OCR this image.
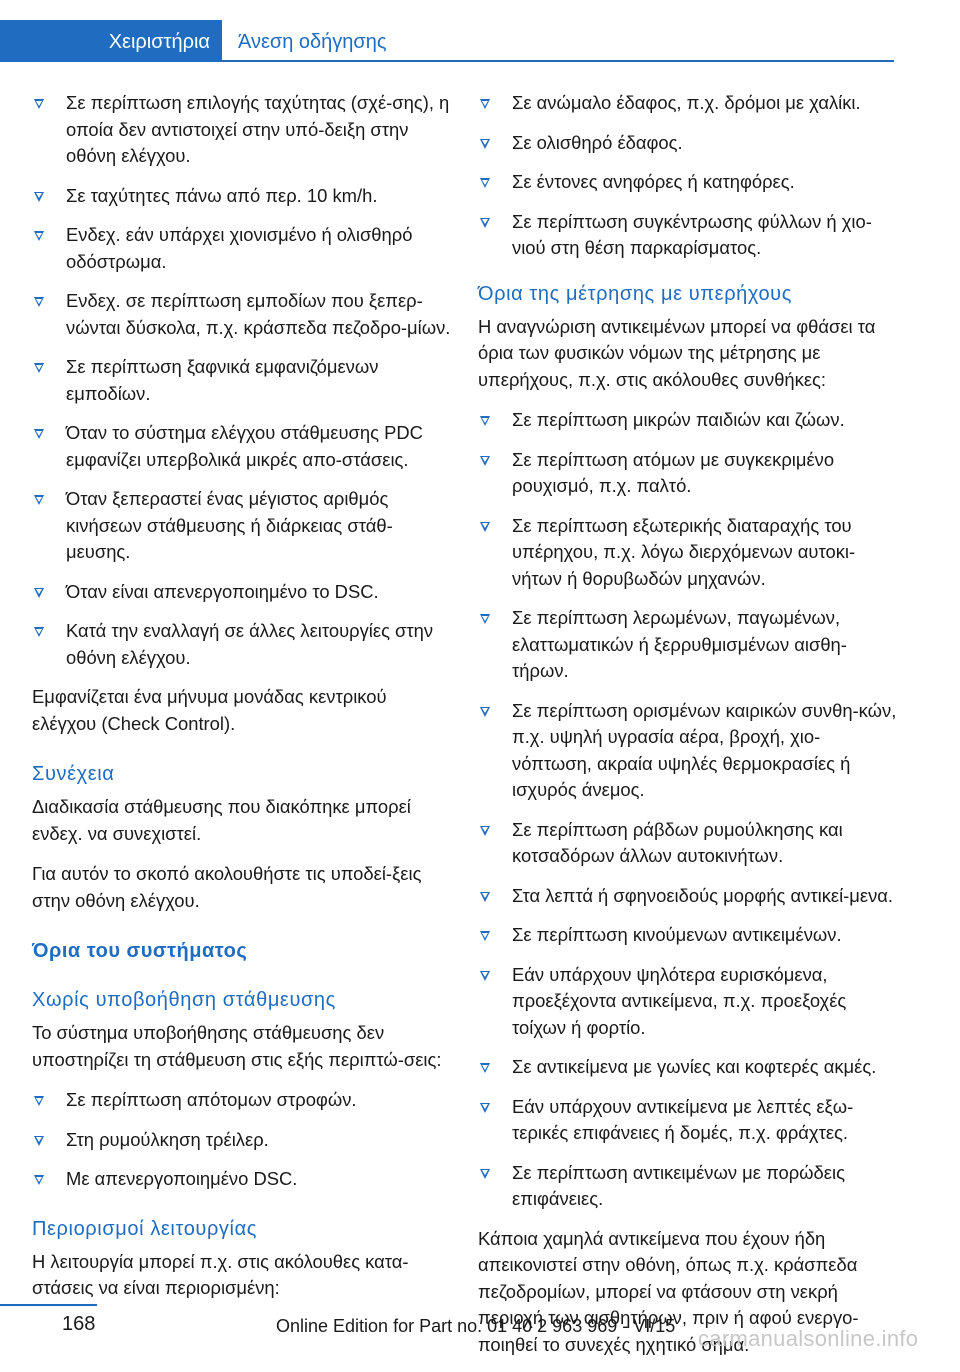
Χειριστήρια	Άνεση οδήγησης
Σε περίπτωση επιλογής ταχύτητας (σχέ‐σης), η οποία δεν αντιστοιχεί στην υπό‐δειξη στην οθόνη ελέγχου.
Σε ταχύτητες πάνω από περ. 10 km/h.
Ενδεχ. εάν υπάρχει χιονισμένο ή ολισθηρό οδόστρωμα.
Ενδεχ. σε περίπτωση εμποδίων που ξεπερ‐νώνται δύσκολα, π.χ. κράσπεδα πεζοδρο‐μίων.
Σε περίπτωση ξαφνικά εμφανιζόμενων εμποδίων.
Όταν το σύστημα ελέγχου στάθμευσης PDC εμφανίζει υπερβολικά μικρές απο‐στάσεις.
Όταν ξεπεραστεί ένας μέγιστος αριθμός κινήσεων στάθμευσης ή διάρκειας στάθ‐μευσης.
Όταν είναι απενεργοποιημένο το DSC.
Κατά την εναλλαγή σε άλλες λειτουργίες στην οθόνη ελέγχου.

Εμφανίζεται ένα μήνυμα μονάδας κεντρικού ελέγχου (Check Control).

Συνέχεια

Διαδικασία στάθμευσης που διακόπηκε μπορεί ενδεχ. να συνεχιστεί.

Για αυτόν το σκοπό ακολουθήστε τις υποδεί‐ξεις στην οθόνη ελέγχου.

Όρια του συστήματος
Χωρίς υποβοήθηση στάθμευσης

Το σύστημα υποβοήθησης στάθμευσης δεν υποστηρίζει τη στάθμευση στις εξής περιπτώ‐σεις:

Σε περίπτωση απότομων στροφών.
Στη ρυμούλκηση τρέιλερ.
Με απενεργοποιημένο DSC.
Περιορισμοί λειτουργίας

Η λειτουργία μπορεί π.χ. στις ακόλουθες κατα‐στάσεις να είναι περιορισμένη:

Σε ανώμαλο έδαφος, π.χ. δρόμοι με χαλίκι.
Σε ολισθηρό έδαφος.
Σε έντονες ανηφόρες ή κατηφόρες.
Σε περίπτωση συγκέντρωσης φύλλων ή χιο‐νιού στη θέση παρκαρίσματος.
Όρια της μέτρησης με υπερήχους

Η αναγνώριση αντικειμένων μπορεί να φθάσει τα όρια των φυσικών νόμων της μέτρησης με υπερήχους, π.χ. στις ακόλουθες συνθήκες:

Σε περίπτωση μικρών παιδιών και ζώων.
Σε περίπτωση ατόμων με συγκεκριμένο ρουχισμό, π.χ. παλτό.
Σε περίπτωση εξωτερικής διαταραχής του υπέρηχου, π.χ. λόγω διερχόμενων αυτοκι‐νήτων ή θορυβωδών μηχανών.
Σε περίπτωση λερωμένων, παγωμένων, ελαττωματικών ή ξερρυθμισμένων αισθη‐τήρων.
Σε περίπτωση ορισμένων καιρικών συνθη‐κών, π.χ. υψηλή υγρασία αέρα, βροχή, χιο‐νόπτωση, ακραία υψηλές θερμοκρασίες ή ισχυρός άνεμος.
Σε περίπτωση ράβδων ρυμούλκησης και κοτσαδόρων άλλων αυτοκινήτων.
Στα λεπτά ή σφηνοειδούς μορφής αντικεί‐μενα.
Σε περίπτωση κινούμενων αντικειμένων.
Εάν υπάρχουν ψηλότερα ευρισκόμενα, προεξέχοντα αντικείμενα, π.χ. προεξοχές τοίχων ή φορτίο.
Σε αντικείμενα με γωνίες και κοφτερές ακμές.
Εάν υπάρχουν αντικείμενα με λεπτές εξω‐τερικές επιφάνειες ή δομές, π.χ. φράχτες.
Σε περίπτωση αντικειμένων με πορώδεις επιφάνειες.

Κάποια χαμηλά αντικείμενα που έχουν ήδη απεικονιστεί στην οθόνη, όπως π.χ. κράσπεδα πεζοδρομίων, μπορεί να φτάσουν στη νεκρή περιοχή των αισθητήρων, πριν ή αφού ενεργο‐ποιηθεί το συνεχές ηχητικό σήμα.

168	Online Edition for Part no. 01 40 2 963 969 - VI/15 carmanualsonline.info
